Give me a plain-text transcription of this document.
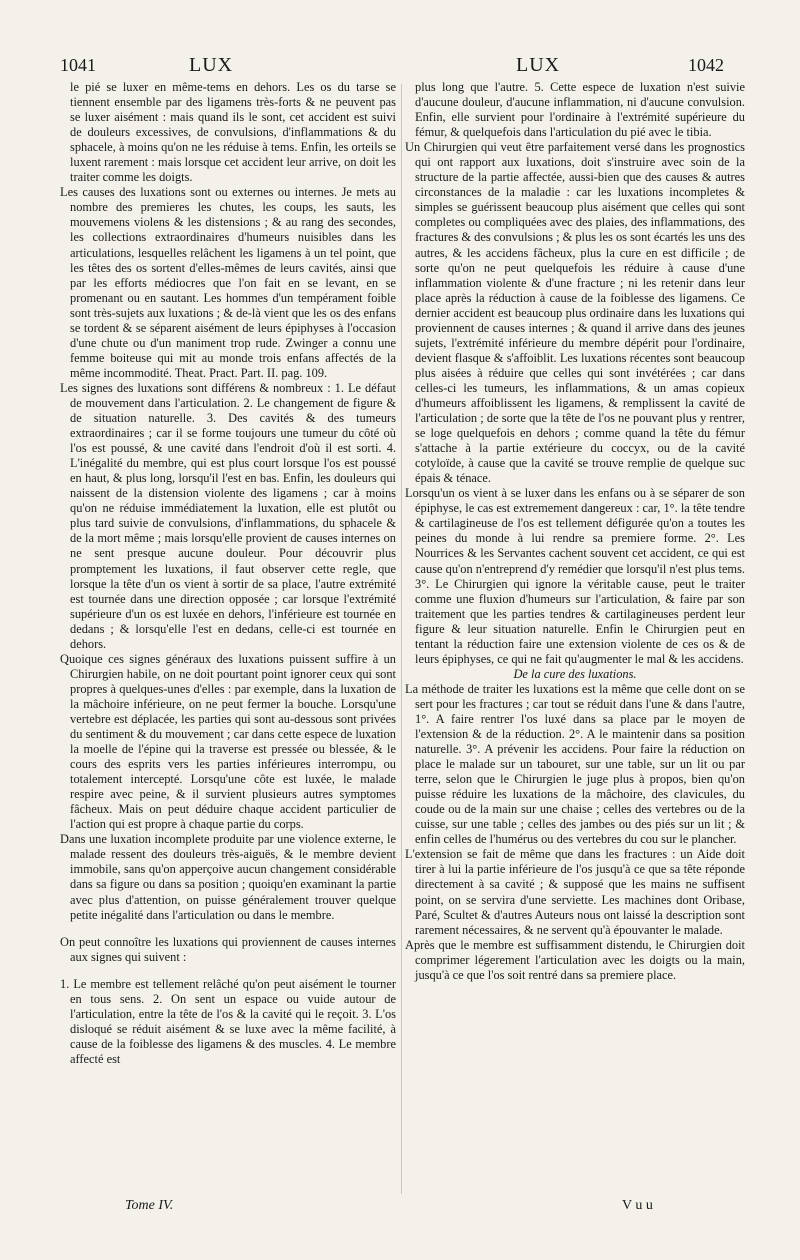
1041	LUX	LUX	1042

le pié se luxer en même-tems en dehors. Les os du tarse se tiennent ensemble par des ligamens très-forts & ne peuvent pas se luxer aisément : mais quand ils le sont, cet accident est suivi de douleurs excessives, de convulsions, d'inflammations & du sphacele, à moins qu'on ne les réduise à tems. Enfin, les orteils se luxent rarement : mais lorsque cet accident leur arrive, on doit les traiter comme les doigts.

Les causes des luxations sont ou externes ou internes. Je mets au nombre des premieres les chutes, les coups, les sauts, les mouvemens violens & les distensions ; & au rang des secondes, les collections extraordinaires d'humeurs nuisibles dans les articulations, lesquelles relâchent les ligamens à un tel point, que les têtes des os sortent d'elles-mêmes de leurs cavités, ainsi que par les efforts médiocres que l'on fait en se levant, en se promenant ou en sautant. Les hommes d'un tempérament foible sont très-sujets aux luxations ; & de-là vient que les os des enfans se tordent & se séparent aisément de leurs épiphyses à l'occasion d'une chute ou d'un maniment trop rude. Zwinger a connu une femme boiteuse qui mit au monde trois enfans affectés de la même incommodité. Theat. Pract. Part. II. pag. 109.

Les signes des luxations sont différens & nombreux : 1. Le défaut de mouvement dans l'articulation. 2. Le changement de figure & de situation naturelle. 3. Des cavités & des tumeurs extraordinaires ; car il se forme toujours une tumeur du côté où l'os est poussé, & une cavité dans l'endroit d'où il est sorti. 4. L'inégalité du membre, qui est plus court lorsque l'os est poussé en haut, & plus long, lorsqu'il l'est en bas. Enfin, les douleurs qui naissent de la distension violente des ligamens ; car à moins qu'on ne réduise immédiatement la luxation, elle est plutôt ou plus tard suivie de convulsions, d'inflammations, du sphacele & de la mort même ; mais lorsqu'elle provient de causes internes on ne sent presque aucune douleur. Pour découvrir plus promptement les luxations, il faut observer cette regle, que lorsque la tête d'un os vient à sortir de sa place, l'autre extrémité est tournée dans une direction opposée ; car lorsque l'extrémité supérieure d'un os est luxée en dehors, l'inférieure est tournée en dedans ; & lorsqu'elle l'est en dedans, celle-ci est tournée en dehors.

Quoique ces signes généraux des luxations puissent suffire à un Chirurgien habile, on ne doit pourtant point ignorer ceux qui sont propres à quelques-unes d'elles : par exemple, dans la luxation de la mâchoire inférieure, on ne peut fermer la bouche. Lorsqu'une vertebre est déplacée, les parties qui sont au-dessous sont privées du sentiment & du mouvement ; car dans cette espece de luxation la moelle de l'épine qui la traverse est pressée ou blessée, & le cours des esprits vers les parties inférieures interrompu, ou totalement intercepté. Lorsqu'une côte est luxée, le malade respire avec peine, & il survient plusieurs autres symptomes fâcheux. Mais on peut déduire chaque accident particulier de l'action qui est propre à chaque partie du corps.

Dans une luxation incomplete produite par une violence externe, le malade ressent des douleurs très-aiguës, & le membre devient immobile, sans qu'on apperçoive aucun changement considérable dans sa figure ou dans sa position ; quoiqu'en examinant la partie avec plus d'attention, on puisse généralement trouver quelque petite inégalité dans l'articulation ou dans le membre.

On peut connoître les luxations qui proviennent de causes internes aux signes qui suivent :

1. Le membre est tellement relâché qu'on peut aisément le tourner en tous sens. 2. On sent un espace ou vuide autour de l'articulation, entre la tête de l'os & la cavité qui le reçoit. 3. L'os disloqué se réduit aisément & se luxe avec la même facilité, à cause de la foiblesse des ligamens & des muscles. 4. Le membre affecté est

plus long que l'autre. 5. Cette espece de luxation n'est suivie d'aucune douleur, d'aucune inflammation, ni d'aucune convulsion. Enfin, elle survient pour l'ordinaire à l'extrémité supérieure du fémur, & quelquefois dans l'articulation du pié avec le tibia.

Un Chirurgien qui veut être parfaitement versé dans les prognostics qui ont rapport aux luxations, doit s'instruire avec soin de la structure de la partie affectée, aussi-bien que des causes & autres circonstances de la maladie : car les luxations incompletes & simples se guérissent beaucoup plus aisément que celles qui sont completes ou compliquées avec des plaies, des inflammations, des fractures & des convulsions ; & plus les os sont écartés les uns des autres, & les accidens fâcheux, plus la cure en est difficile ; de sorte qu'on ne peut quelquefois les réduire à cause d'une inflammation violente & d'une fracture ; ni les retenir dans leur place après la réduction à cause de la foiblesse des ligamens. Ce dernier accident est beaucoup plus ordinaire dans les luxations qui proviennent de causes internes ; & quand il arrive dans des jeunes sujets, l'extrémité inférieure du membre dépérit pour l'ordinaire, devient flasque & s'affoiblit. Les luxations récentes sont beaucoup plus aisées à réduire que celles qui sont invétérées ; car dans celles-ci les tumeurs, les inflammations, & un amas copieux d'humeurs affoiblissent les ligamens, & remplissent la cavité de l'articulation ; de sorte que la tête de l'os ne pouvant plus y rentrer, se loge quelquefois en dehors ; comme quand la tête du fémur s'attache à la partie extérieure du coccyx, ou de la cavité cotyloïde, à cause que la cavité se trouve remplie de quelque suc épais & ténace.

Lorsqu'un os vient à se luxer dans les enfans ou à se séparer de son épiphyse, le cas est extremement dangereux : car, 1°. la tête tendre & cartilagineuse de l'os est tellement défigurée qu'on a toutes les peines du monde à lui rendre sa premiere forme. 2°. Les Nourrices & les Servantes cachent souvent cet accident, ce qui est cause qu'on n'entreprend d'y remédier que lorsqu'il n'est plus tems. 3°. Le Chirurgien qui ignore la véritable cause, peut le traiter comme une fluxion d'humeurs sur l'articulation, & faire par son traitement que les parties tendres & cartilagineuses perdent leur figure & leur situation naturelle. Enfin le Chirurgien peut en tentant la réduction faire une extension violente de ces os & de leurs épiphyses, ce qui ne fait qu'augmenter le mal & les accidens.

De la cure des luxations.

La méthode de traiter les luxations est la même que celle dont on se sert pour les fractures ; car tout se réduit dans l'une & dans l'autre, 1°. A faire rentrer l'os luxé dans sa place par le moyen de l'extension & de la réduction. 2°. A le maintenir dans sa position naturelle. 3°. A prévenir les accidens. Pour faire la réduction on place le malade sur un tabouret, sur une table, sur un lit ou par terre, selon que le Chirurgien le juge plus à propos, bien qu'on puisse réduire les luxations de la mâchoire, des clavicules, du coude ou de la main sur une chaise ; celles des vertebres ou de la cuisse, sur une table ; celles des jambes ou des piés sur un lit ; & enfin celles de l'humérus ou des vertebres du cou sur le plancher.

L'extension se fait de même que dans les fractures : un Aide doit tirer à lui la partie inférieure de l'os jusqu'à ce que sa tête réponde directement à sa cavité ; & supposé que les mains ne suffisent point, on se servira d'une serviette. Les machines dont Oribase, Paré, Scultet & d'autres Auteurs nous ont laissé la description sont rarement nécessaires, & ne servent qu'à épouvanter le malade.

Après que le membre est suffisamment distendu, le Chirurgien doit comprimer légerement l'articulation avec les doigts ou la main, jusqu'à ce que l'os soit rentré dans sa premiere place.

Tome IV.	V u u
